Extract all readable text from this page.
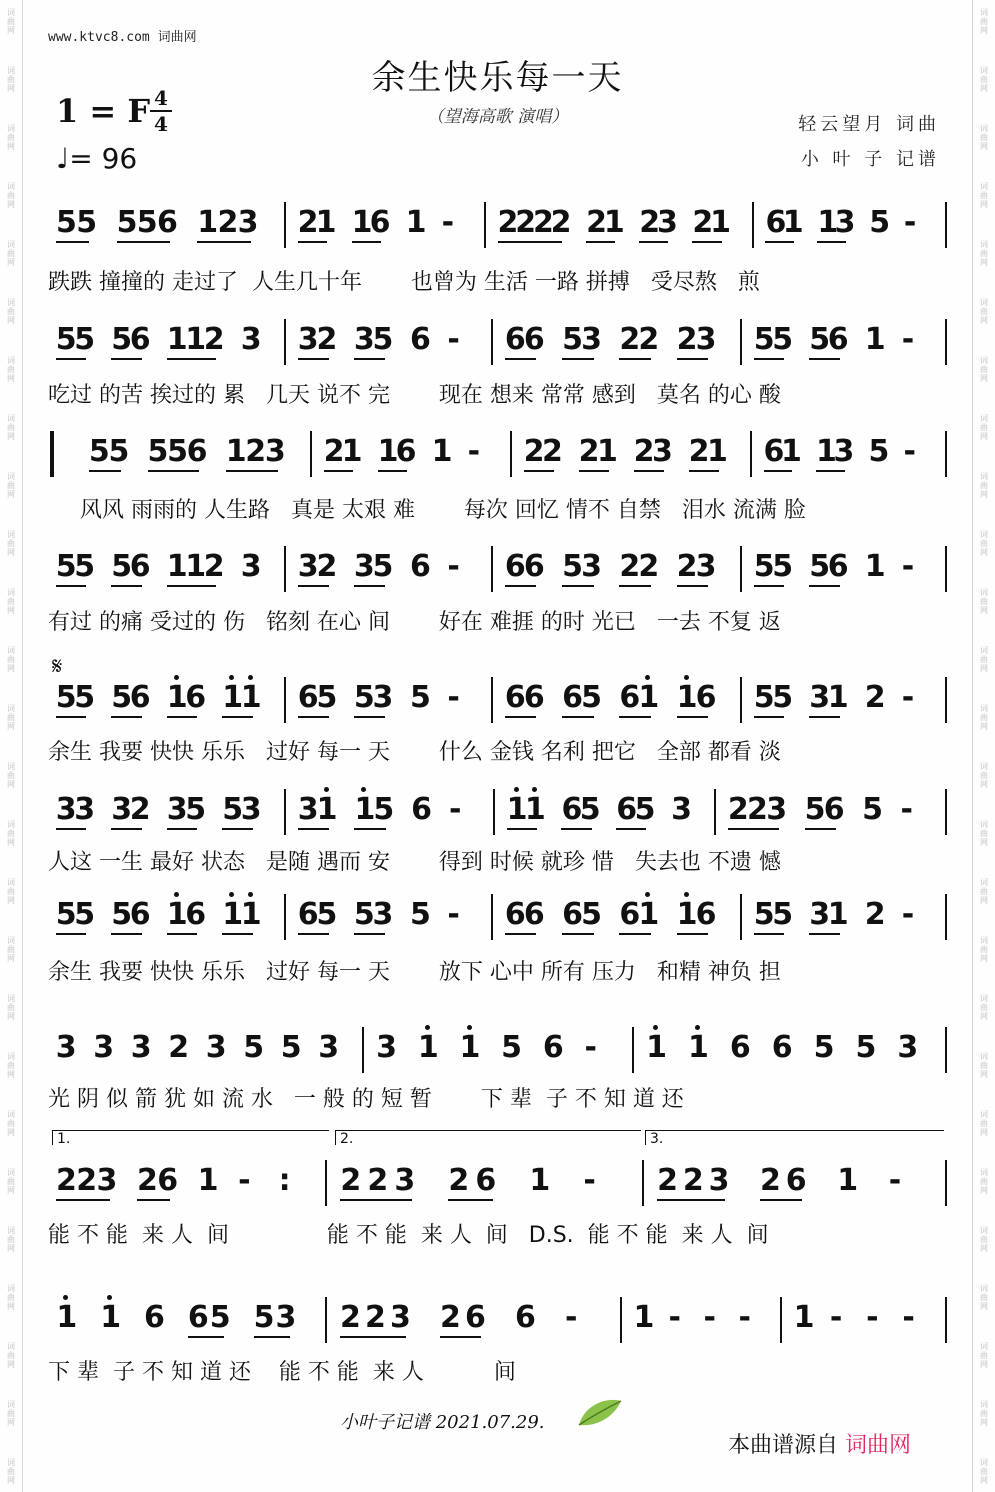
词
曲
网
词
曲
网
词
曲
网
词
曲
网
词
曲
网
词
曲
网
词
曲
网
词
曲
网
词
曲
网
词
曲
网
词
曲
网
词
曲
网
词
曲
网
词
曲
网
词
曲
网
词
曲
网
词
曲
网
词
曲
网
词
曲
网
词
曲
网
词
曲
网
词
曲
网
词
曲
网
词
曲
网
词
曲
网
词
曲
网
词
曲
网
词
曲
网
词
曲
网
词
曲
网
词
曲
网
词
曲
网
词
曲
网
词
曲
网
词
曲
网
词
曲
网
词
曲
网
词
曲
网
词
曲
网
词
曲
网
词
曲
网
词
曲
网
词
曲
网
词
曲
网
词
曲
网
词
曲
网
词
曲
网
词
曲
网
词
曲
网
词
曲
网
词
曲
网
词
曲
网
www.ktvc8.com 词曲网
余生快乐每一天
（望海高歌 演唱）
1 = F 4
4
♩= 96
轻云望月 词曲
小 叶 子 记谱
5 5 5 5 6 1 2 3 2
1 1
6 1 - 2
2
2
2 2
1 2
3 2
1 6
1 1
3 5 -
跌跌 撞撞的 走过了  人生几十年       也曾为 生活 一路 拼搏   受尽熬   煎
5
5 5
6 1
1
2 3 3
2 3
5 6 - 6
6 5
3 2
2 2
3 5
5 5
6 1 -
吃过 的苦 挨过的 累   几天 说不 完       现在 想来 常常 感到   莫名 的心 酸
5
5 5
5
6 1
2
3 2
1 1
6 1 - 2
2 2
1 2
3 2
1 6
1 1
3 5 -
风风 雨雨的 人生路   真是 太艰 难       每次 回忆 情不 自禁   泪水 流满 脸
5
5 5
6 1
1
2 3 3
2 3
5 6 - 6
6 5
3 2
2 2
3 5
5 5
6 1 -
有过 的痛 受过的 伤   铭刻 在心 间       好在 难捱 的时 光已   一去 不复 返
5
5 5
6 1
6 1
1 6
5 5
3 5 - 6
6 6
5 6
1 1
6 5
5 3
1 2 -
余生 我要 快快 乐乐   过好 每一 天       什么 金钱 名利 把它   全部 都看 淡
3
3 3
2 3
5 5
3 3
1 1
5 6 - 1
1 6
5 6
5 3 2
2
3 5
6 5 -
人这 一生 最好 状态   是随 遇而 安       得到 时候 就珍 惜   失去也 不遗 憾
5
5 5
6 1
6 1
1 6
5 5
3 5 - 6
6 6
5 6
1 1
6 5
5 3
1 2 -
余生 我要 快快 乐乐   过好 每一 天       放下 心中 所有 压力   和精 神负 担
3 3 3 2 3 5 5 3 3 1 1 5 6 - 1 1 6 6 5 5 3
光 阴 似 箭 犹 如 流 水   一 般 的 短 暂       下 辈  子 不 知 道 还
2 2 3 2 6 1 - : 2 2 3 2 6 1 - 2 2 3 2 6 1 -
能 不 能  来 人  间              能 不 能  来 人  间   D.S.  能 不 能  来 人  间
1 1 6 6 5 5 3 2 2 3 2 6 6 - 1 - - - 1 - - -
下 辈  子 不 知 道 还    能 不 能  来 人          间
1.	2.	3.
𝄋
小叶子记谱 2021.07.29.
本曲谱源自 词曲网
